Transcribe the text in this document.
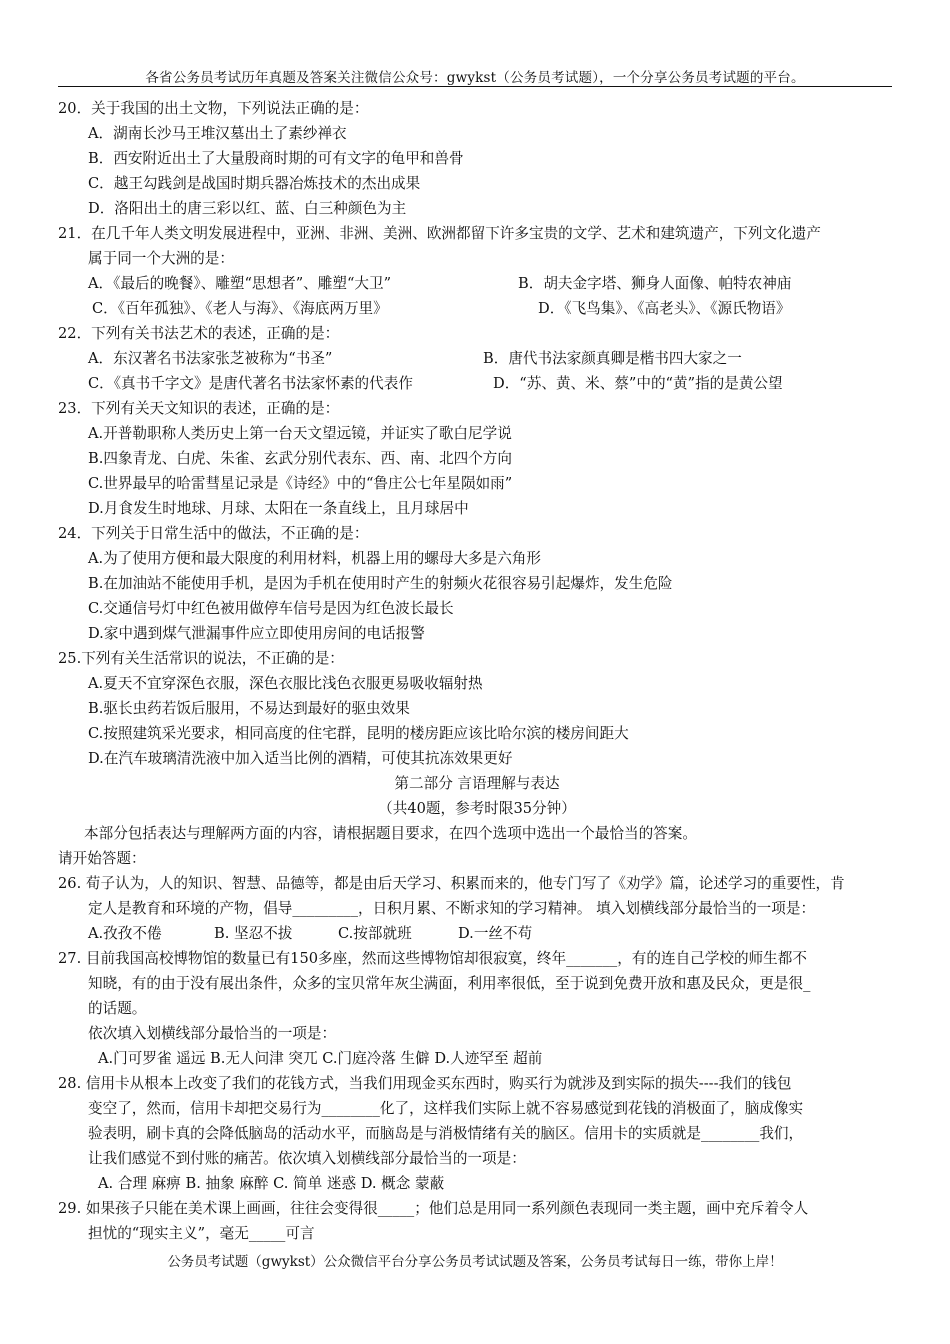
各省公务员考试历年真题及答案关注微信公众号：gwykst（公务员考试题），一个分享公务员考试题的平台。
20．关于我国的出土文物，下列说法正确的是：
A．湖南长沙马王堆汉墓出土了素纱禅衣
B．西安附近出土了大量殷商时期的可有文字的龟甲和兽骨
C．越王勾践剑是战国时期兵器冶炼技术的杰出成果
D．洛阳出土的唐三彩以红、蓝、白三种颜色为主
21．在几千年人类文明发展进程中，亚洲、非洲、美洲、欧洲都留下许多宝贵的文学、艺术和建筑遗产，下列文化遗产
属于同一个大洲的是：
A．《最后的晚餐》、雕塑“思想者”、雕塑“大卫”	B．胡夫金字塔、狮身人面像、帕特农神庙
C．《百年孤独》、《老人与海》、《海底两万里》	D．《飞鸟集》、《高老头》、《源氏物语》
22．下列有关书法艺术的表述，正确的是：
A．东汉著名书法家张芝被称为“书圣”	B．唐代书法家颜真卿是楷书四大家之一
C．《真书千字文》是唐代著名书法家怀素的代表作	D．“苏、黄、米、蔡”中的“黄”指的是黄公望
23．下列有关天文知识的表述，正确的是：
A.开普勒职称人类历史上第一台天文望远镜，并证实了歌白尼学说
B.四象青龙、白虎、朱雀、玄武分别代表东、西、南、北四个方向
C.世界最早的哈雷彗星记录是《诗经》中的“鲁庄公七年星陨如雨”
D.月食发生时地球、月球、太阳在一条直线上，且月球居中
24．下列关于日常生活中的做法，不正确的是：
A.为了使用方便和最大限度的利用材料，机器上用的螺母大多是六角形
B.在加油站不能使用手机，是因为手机在使用时产生的射频火花很容易引起爆炸，发生危险
C.交通信号灯中红色被用做停车信号是因为红色波长最长
D.家中遇到煤气泄漏事件应立即使用房间的电话报警
25.下列有关生活常识的说法，不正确的是：
A.夏天不宜穿深色衣服，深色衣服比浅色衣服更易吸收辐射热
B.驱长虫药若饭后服用，不易达到最好的驱虫效果
C.按照建筑采光要求，相同高度的住宅群，昆明的楼房距应该比哈尔滨的楼房间距大
D.在汽车玻璃清洗液中加入适当比例的酒精，可使其抗冻效果更好
第二部分 言语理解与表达
（共40题，参考时限35分钟）
本部分包括表达与理解两方面的内容，请根据题目要求，在四个选项中选出一个最恰当的答案。
请开始答题：
26. 荀子认为，人的知识、智慧、品德等，都是由后天学习、积累而来的，他专门写了《劝学》篇，论述学习的重要性，肯
定人是教育和环境的产物，倡导_________，日积月累、不断求知的学习精神。 填入划横线部分最恰当的一项是：
A.孜孜不倦	B. 坚忍不拔	C.按部就班	D.一丝不苟
27. 目前我国高校博物馆的数量已有150多座，然而这些博物馆却很寂寞，终年_______，有的连自己学校的师生都不
知晓，有的由于没有展出条件，众多的宝贝常年灰尘满面，利用率很低，至于说到免费开放和惠及民众，更是很_
的话题。
依次填入划横线部分最恰当的一项是：
A.门可罗雀 遥远 B.无人问津 突兀 C.门庭冷落 生僻 D.人迹罕至 超前
28. 信用卡从根本上改变了我们的花钱方式，当我们用现金买东西时，购买行为就涉及到实际的损失----我们的钱包
变空了，然而，信用卡却把交易行为________化了，这样我们实际上就不容易感觉到花钱的消极面了，脑成像实
验表明，刷卡真的会降低脑岛的活动水平，而脑岛是与消极情绪有关的脑区。信用卡的实质就是________我们，
让我们感觉不到付账的痛苦。依次填入划横线部分最恰当的一项是：
A. 合理 麻痹 B. 抽象 麻醉 C. 简单 迷惑 D. 概念 蒙蔽
29. 如果孩子只能在美术课上画画，往往会变得很_____；他们总是用同一系列颜色表现同一类主题，画中充斥着令人
担忧的“现实主义”，毫无_____可言
公务员考试题（gwykst）公众微信平台分享公务员考试试题及答案，公务员考试每日一练，带你上岸！
